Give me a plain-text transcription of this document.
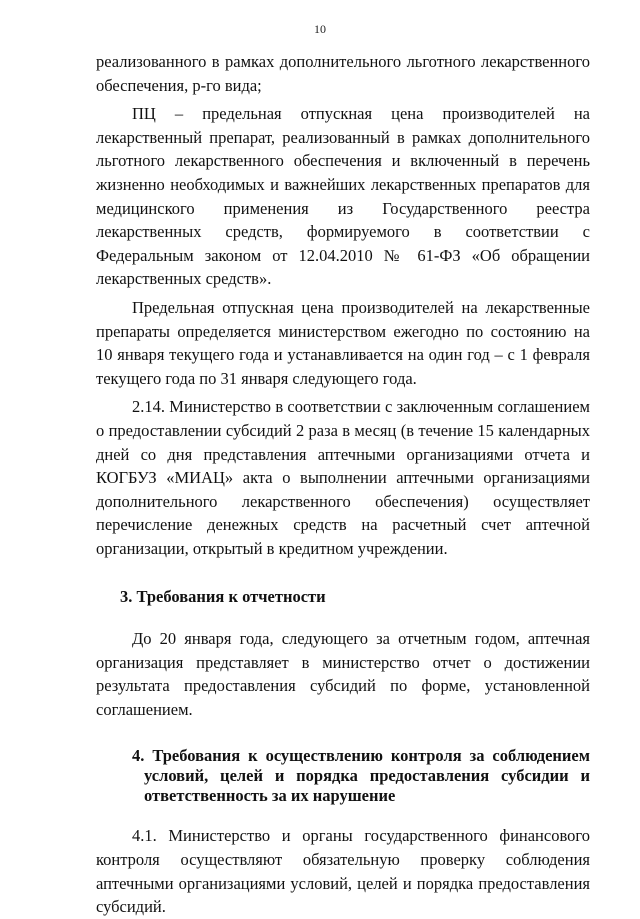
10

реализованного в рамках дополнительного льготного лекарственного обеспечения, р-го вида;

ПЦ – предельная отпускная цена производителей на лекарственный препарат, реализованный в рамках дополнительного льготного лекарственного обеспечения и включенный в перечень жизненно необходимых и важнейших лекарственных препаратов для медицинского применения из Государственного реестра лекарственных средств, формируемого в соответствии с Федеральным законом от 12.04.2010 № 61-ФЗ «Об обращении лекарственных средств».

Предельная отпускная цена производителей на лекарственные препараты определяется министерством ежегодно по состоянию на 10 января текущего года и устанавливается на один год – с 1 февраля текущего года по 31 января следующего года.

2.14. Министерство в соответствии с заключенным соглашением о предоставлении субсидий 2 раза в месяц (в течение 15 календарных дней со дня представления аптечными организациями отчета и КОГБУЗ «МИАЦ» акта о выполнении аптечными организациями дополнительного лекарственного обеспечения) осуществляет перечисление денежных средств на расчетный счет аптечной организации, открытый в кредитном учреждении.

3. Требования к отчетности

До 20 января года, следующего за отчетным годом, аптечная организация представляет в министерство отчет о достижении результата предоставления субсидий по форме, установленной соглашением.

4. Требования к осуществлению контроля за соблюдением условий, целей и порядка предоставления субсидии и ответственность за их нарушение

4.1. Министерство и органы государственного финансового контроля осуществляют обязательную проверку соблюдения аптечными организациями условий, целей и порядка предоставления субсидий.
